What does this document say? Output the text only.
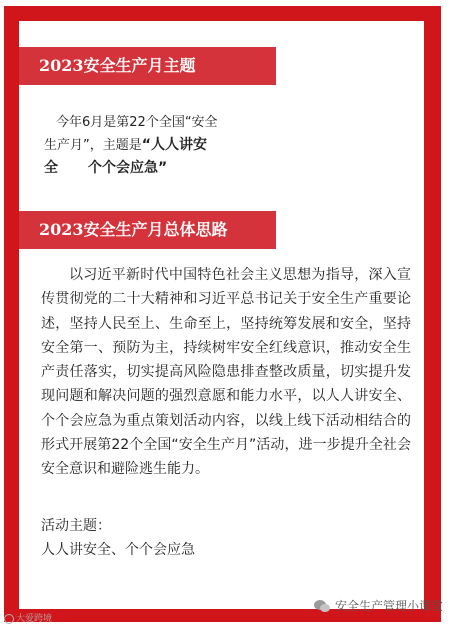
2023安全生产月主题
今年6月是第22个全国“安全
生产月”，主题是“人人讲安
全 个个会应急”
2023安全生产月总体思路
以习近平新时代中国特色社会主义思想为指导，深入宣传贯彻党的二十大精神和习近平总书记关于安全生产重要论述，坚持人民至上、生命至上，坚持统筹发展和安全，坚持安全第一、预防为主，持续树牢安全红线意识，推动安全生产责任落实，切实提高风险隐患排查整改质量，切实提升发现问题和解决问题的强烈意愿和能力水平，以人人讲安全、个个会应急为重点策划活动内容，以线上线下活动相结合的形式开展第22个全国“安全生产月”活动，进一步提升全社会安全意识和避险逃生能力。
活动主题：
人人讲安全、个个会应急
大爱跨境
安全生产管理小课堂
